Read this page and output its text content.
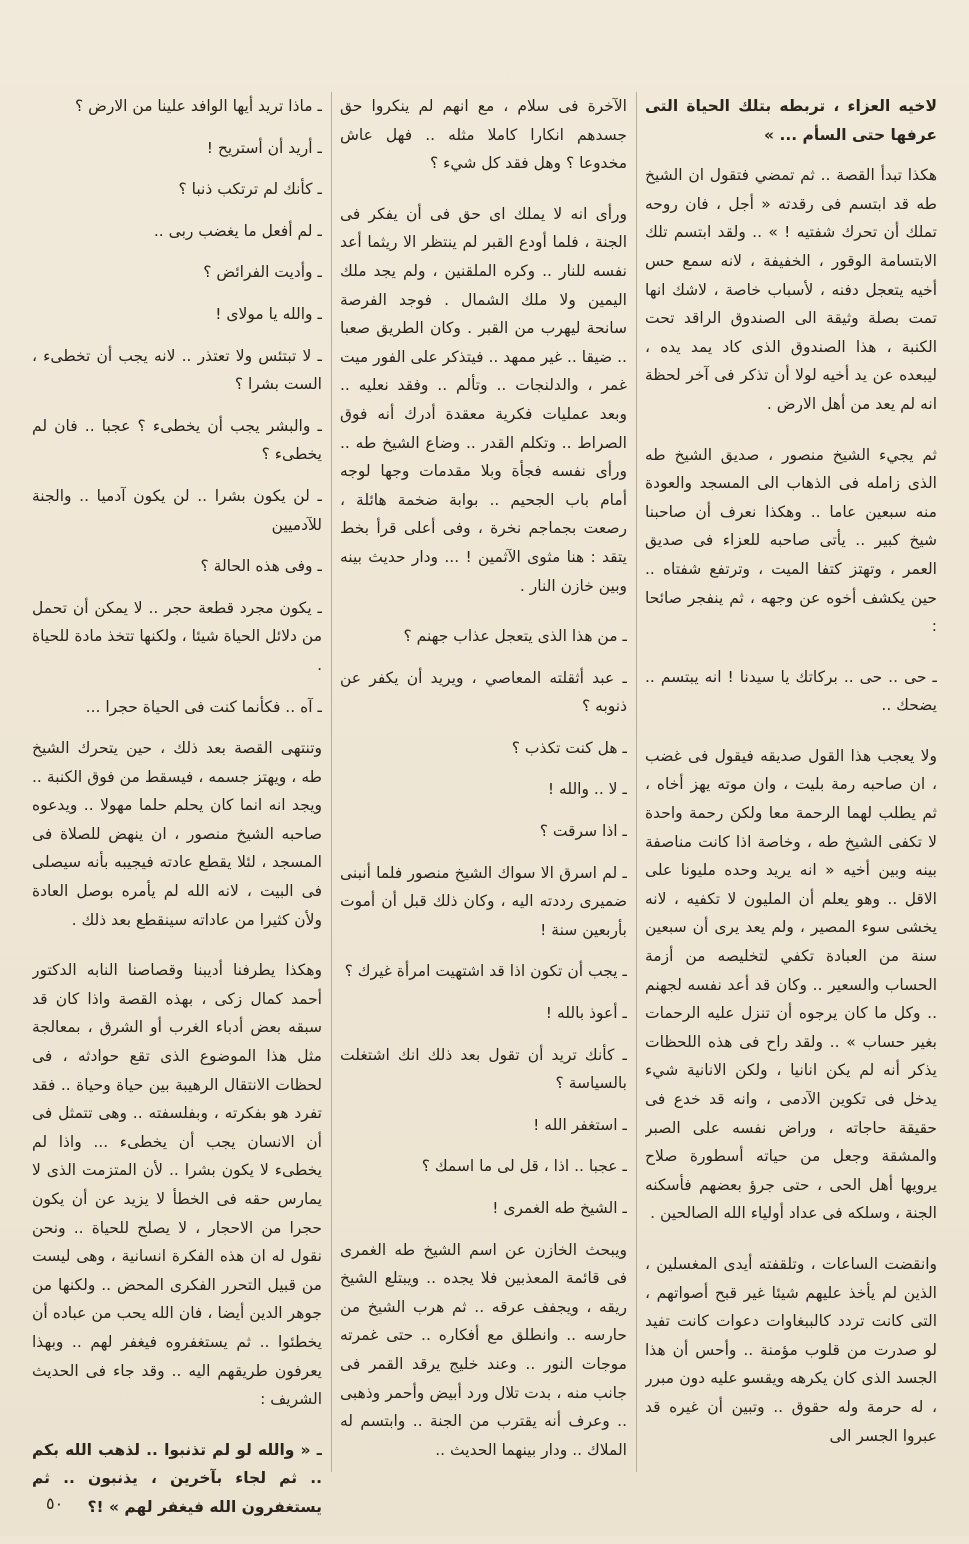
لاخيه العزاء ، تربطه بتلك الحياة التى عرفها حتى السأم ... »

هكذا تبدأ القصة .. ثم تمضي فتقول ان الشيخ طه قد ابتسم فى رقدته « أجل ، فان روحه تملك أن تحرك شفتيه ! » .. ولقد ابتسم تلك الابتسامة الوقور ، الخفيفة ، لانه سمع حس أخيه يتعجل دفنه ، لأسباب خاصة ، لاشك انها تمت بصلة وثيقة الى الصندوق الراقد تحت الكنبة ، هذا الصندوق الذى كاد يمد يده ، ليبعده عن يد أخيه لولا أن تذكر فى آخر لحظة انه لم يعد من أهل الارض .

ثم يجيء الشيخ منصور ، صديق الشيخ طه الذى زامله فى الذهاب الى المسجد والعودة منه سبعين عاما .. وهكذا نعرف أن صاحبنا شيخ كبير .. يأتى صاحبه للعزاء فى صديق العمر ، وتهتز كتفا الميت ، وترتفع شفتاه .. حين يكشف أخوه عن وجهه ، ثم ينفجر صائحا :

ـ حى .. حى .. بركاتك يا سيدنا ! انه يبتسم .. يضحك ..

ولا يعجب هذا القول صديقه فيقول فى غضب ، ان صاحبه رمة بليت ، وان موته يهز أخاه ، ثم يطلب لهما الرحمة معا ولكن رحمة واحدة لا تكفى الشيخ طه ، وخاصة اذا كانت مناصفة بينه وبين أخيه « انه يريد وحده مليونا على الاقل .. وهو يعلم أن المليون لا تكفيه ، لانه يخشى سوء المصير ، ولم يعد يرى أن سبعين سنة من العبادة تكفي لتخليصه من أزمة الحساب والسعير .. وكان قد أعد نفسه لجهنم .. وكل ما كان يرجوه أن تنزل عليه الرحمات بغير حساب » .. ولقد راح فى هذه اللحظات يذكر أنه لم يكن انانيا ، ولكن الانانية شيء يدخل فى تكوين الآدمى ، وانه قد خدع فى حقيقة حاجاته ، وراض نفسه على الصبر والمشقة وجعل من حياته أسطورة صلاح يرويها أهل الحى ، حتى جرؤ بعضهم فأسكنه الجنة ، وسلكه فى عداد أولياء الله الصالحين .

وانقضت الساعات ، وتلقفته أيدى المغسلين ، الذين لم يأخذ عليهم شيئا غير قبح أصواتهم ، التى كانت تردد كالببغاوات دعوات كانت تفيد لو صدرت من قلوب مؤمنة .. وأحس أن هذا الجسد الذى كان يكرهه ويقسو عليه دون مبرر ، له حرمة وله حقوق .. وتبين أن غيره قد عبروا الجسر الى

الآخرة فى سلام ، مع انهم لم ينكروا حق جسدهم انكارا كاملا مثله .. فهل عاش مخدوعا ؟ وهل فقد كل شيء ؟

ورأى انه لا يملك اى حق فى أن يفكر فى الجنة ، فلما أودع القبر لم ينتظر الا ريثما أعد نفسه للنار .. وكره الملقنين ، ولم يجد ملك اليمين ولا ملك الشمال . فوجد الفرصة سانحة ليهرب من القبر . وكان الطريق صعبا .. ضيقا .. غير ممهد .. فيتذكر على الفور ميت غمر ، والدلنجات .. وتألم .. وفقد نعليه .. وبعد عمليات فكرية معقدة أدرك أنه فوق الصراط .. وتكلم القدر .. وضاع الشيخ طه .. ورأى نفسه فجأة وبلا مقدمات وجها لوجه أمام باب الجحيم .. بوابة ضخمة هائلة ، رصعت بجماجم نخرة ، وفى أعلى قرأ بخط يتقد : هنا مثوى الآثمين ! ... ودار حديث بينه وبين خازن النار .

ـ من هذا الذى يتعجل عذاب جهنم ؟

ـ عبد أثقلته المعاصي ، ويريد أن يكفر عن ذنوبه ؟

ـ هل كنت تكذب ؟

ـ لا .. والله !

ـ اذا سرقت ؟

ـ لم اسرق الا سواك الشيخ منصور فلما أنبنى ضميرى رددته اليه ، وكان ذلك قبل أن أموت بأربعين سنة !

ـ يجب أن تكون اذا قد اشتهيت امرأة غيرك ؟

ـ أعوذ بالله !

ـ كأنك تريد أن تقول بعد ذلك انك اشتغلت بالسياسة ؟

ـ استغفر الله !

ـ عجبا .. اذا ، قل لى ما اسمك ؟

ـ الشيخ طه الغمرى !

ويبحث الخازن عن اسم الشيخ طه الغمرى فى قائمة المعذبين فلا يجده .. ويبتلع الشيخ ريقه ، ويجفف عرقه .. ثم هرب الشيخ من حارسه .. وانطلق مع أفكاره .. حتى غمرته موجات النور .. وعند خليج يرقد القمر فى جانب منه ، بدت تلال ورد أبيض وأحمر وذهبى .. وعرف أنه يقترب من الجنة .. وابتسم له الملاك .. ودار بينهما الحديث ..

ـ ماذا تريد أيها الوافد علينا من الارض ؟

ـ أريد أن أستريح !

ـ كأنك لم ترتكب ذنبا ؟

ـ لم أفعل ما يغضب ربى ..

ـ وأديت الفرائض ؟

ـ والله يا مولاى !

ـ لا تبتئس ولا تعتذر .. لانه يجب أن تخطىء ، الست بشرا ؟

ـ والبشر يجب أن يخطىء ؟ عجبا .. فان لم يخطىء ؟

ـ لن يكون بشرا .. لن يكون آدميا .. والجنة للآدميين

ـ وفى هذه الحالة ؟

ـ يكون مجرد قطعة حجر .. لا يمكن أن تحمل من دلائل الحياة شيئا ، ولكنها تتخذ مادة للحياة .

ـ آه .. فكأنما كنت فى الحياة حجرا ...

وتنتهى القصة بعد ذلك ، حين يتحرك الشيخ طه ، ويهتز جسمه ، فيسقط من فوق الكنبة .. ويجد انه انما كان يحلم حلما مهولا .. ويدعوه صاحبه الشيخ منصور ، ان ينهض للصلاة فى المسجد ، لئلا يقطع عادته فيجيبه بأنه سيصلى فى البيت ، لانه الله لم يأمره بوصل العادة ولأن كثيرا من عاداته سينقطع بعد ذلك .

وهكذا يطرفنا أديبنا وقصاصنا النابه الدكتور أحمد كمال زكى ، بهذه القصة واذا كان قد سبقه بعض أدباء الغرب أو الشرق ، بمعالجة مثل هذا الموضوع الذى تقع حوادثه ، فى لحظات الانتقال الرهيبة بين حياة وحياة .. فقد تفرد هو بفكرته ، وبفلسفته .. وهى تتمثل فى أن الانسان يجب أن يخطىء ... واذا لم يخطىء لا يكون بشرا .. لأن المتزمت الذى لا يمارس حقه فى الخطأ لا يزيد عن أن يكون حجرا من الاحجار ، لا يصلح للحياة .. ونحن نقول له ان هذه الفكرة انسانية ، وهى ليست من قبيل التحرر الفكرى المحض .. ولكنها من جوهر الدين أيضا ، فان الله يحب من عباده أن يخطئوا .. ثم يستغفروه فيغفر لهم .. وبهذا يعرفون طريقهم اليه .. وقد جاء فى الحديث الشريف :

ـ « والله لو لم تذنبوا .. لذهب الله بكم .. ثم لجاء بآخرين ، يذنبون .. ثم يستغفرون الله فيغفر لهم » !؟

٥٠
